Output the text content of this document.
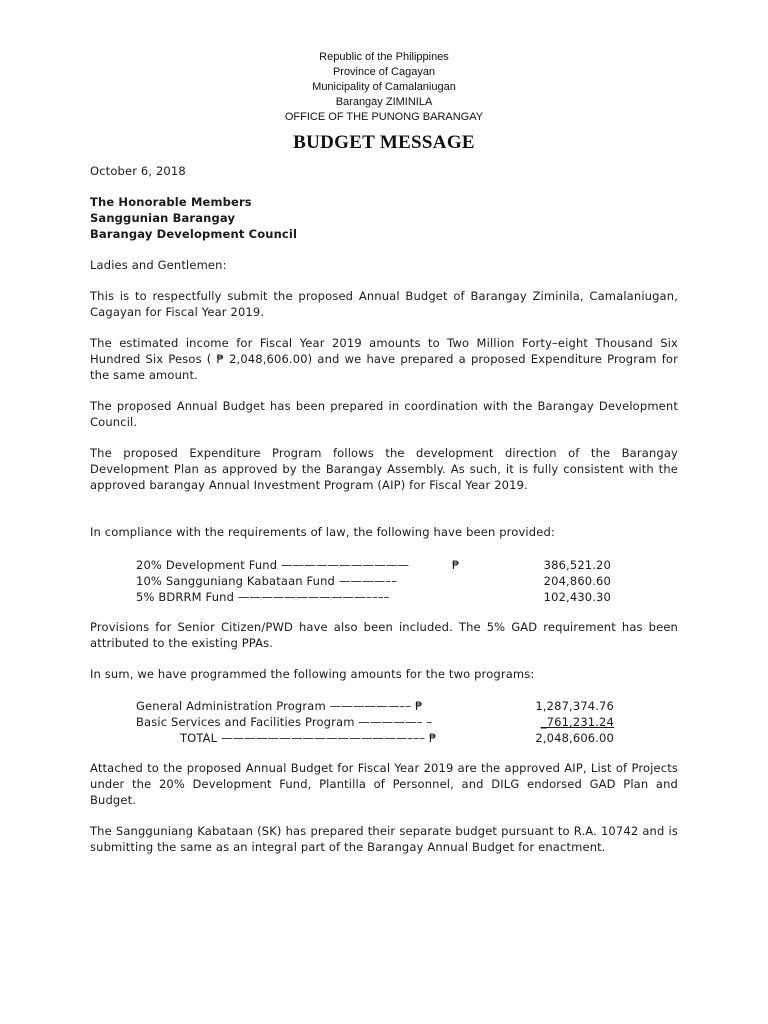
Republic of the Philippines
Province of Cagayan
Municipality of Camalaniugan
Barangay ZIMINILA
OFFICE OF THE PUNONG BARANGAY
BUDGET MESSAGE
October 6, 2018
The Honorable Members
Sanggunian Barangay
Barangay Development Council
Ladies and Gentlemen:
This is to respectfully submit the proposed Annual Budget of Barangay Ziminila, Camalaniugan, Cagayan for Fiscal Year 2019.
The estimated income for Fiscal Year 2019 amounts to Two Million Forty–eight Thousand Six Hundred Six Pesos ( ₱ 2,048,606.00) and we have prepared a proposed Expenditure Program for the same amount.
The proposed Annual Budget has been prepared in coordination with the Barangay Development Council.
The proposed Expenditure Program follows the development direction of the Barangay Development Plan as approved by the Barangay Assembly. As such, it is fully consistent with the approved barangay Annual Investment Program (AIP) for Fiscal Year 2019.
In compliance with the requirements of law, the following have been provided:
20% Development Fund ———————————	₱	386,521.20
10% Sangguniang Kabataan Fund ————––	204,860.60
5% BDRRM Fund ———————————––––	102,430.30
Provisions for Senior Citizen/PWD have also been included. The 5% GAD requirement has been attributed to the existing PPAs.
In sum, we have programmed the following amounts for the two programs:
General Administration Program ——————–– ₱	1,287,374.76
Basic Services and Facilities Program —————– –	_761,231.24
TOTAL ————————————————––– ₱	2,048,606.00
Attached to the proposed Annual Budget for Fiscal Year 2019 are the approved AIP, List of Projects under the 20% Development Fund, Plantilla of Personnel, and DILG endorsed GAD Plan and Budget.
The Sangguniang Kabataan (SK) has prepared their separate budget pursuant to R.A. 10742 and is submitting the same as an integral part of the Barangay Annual Budget for enactment.
